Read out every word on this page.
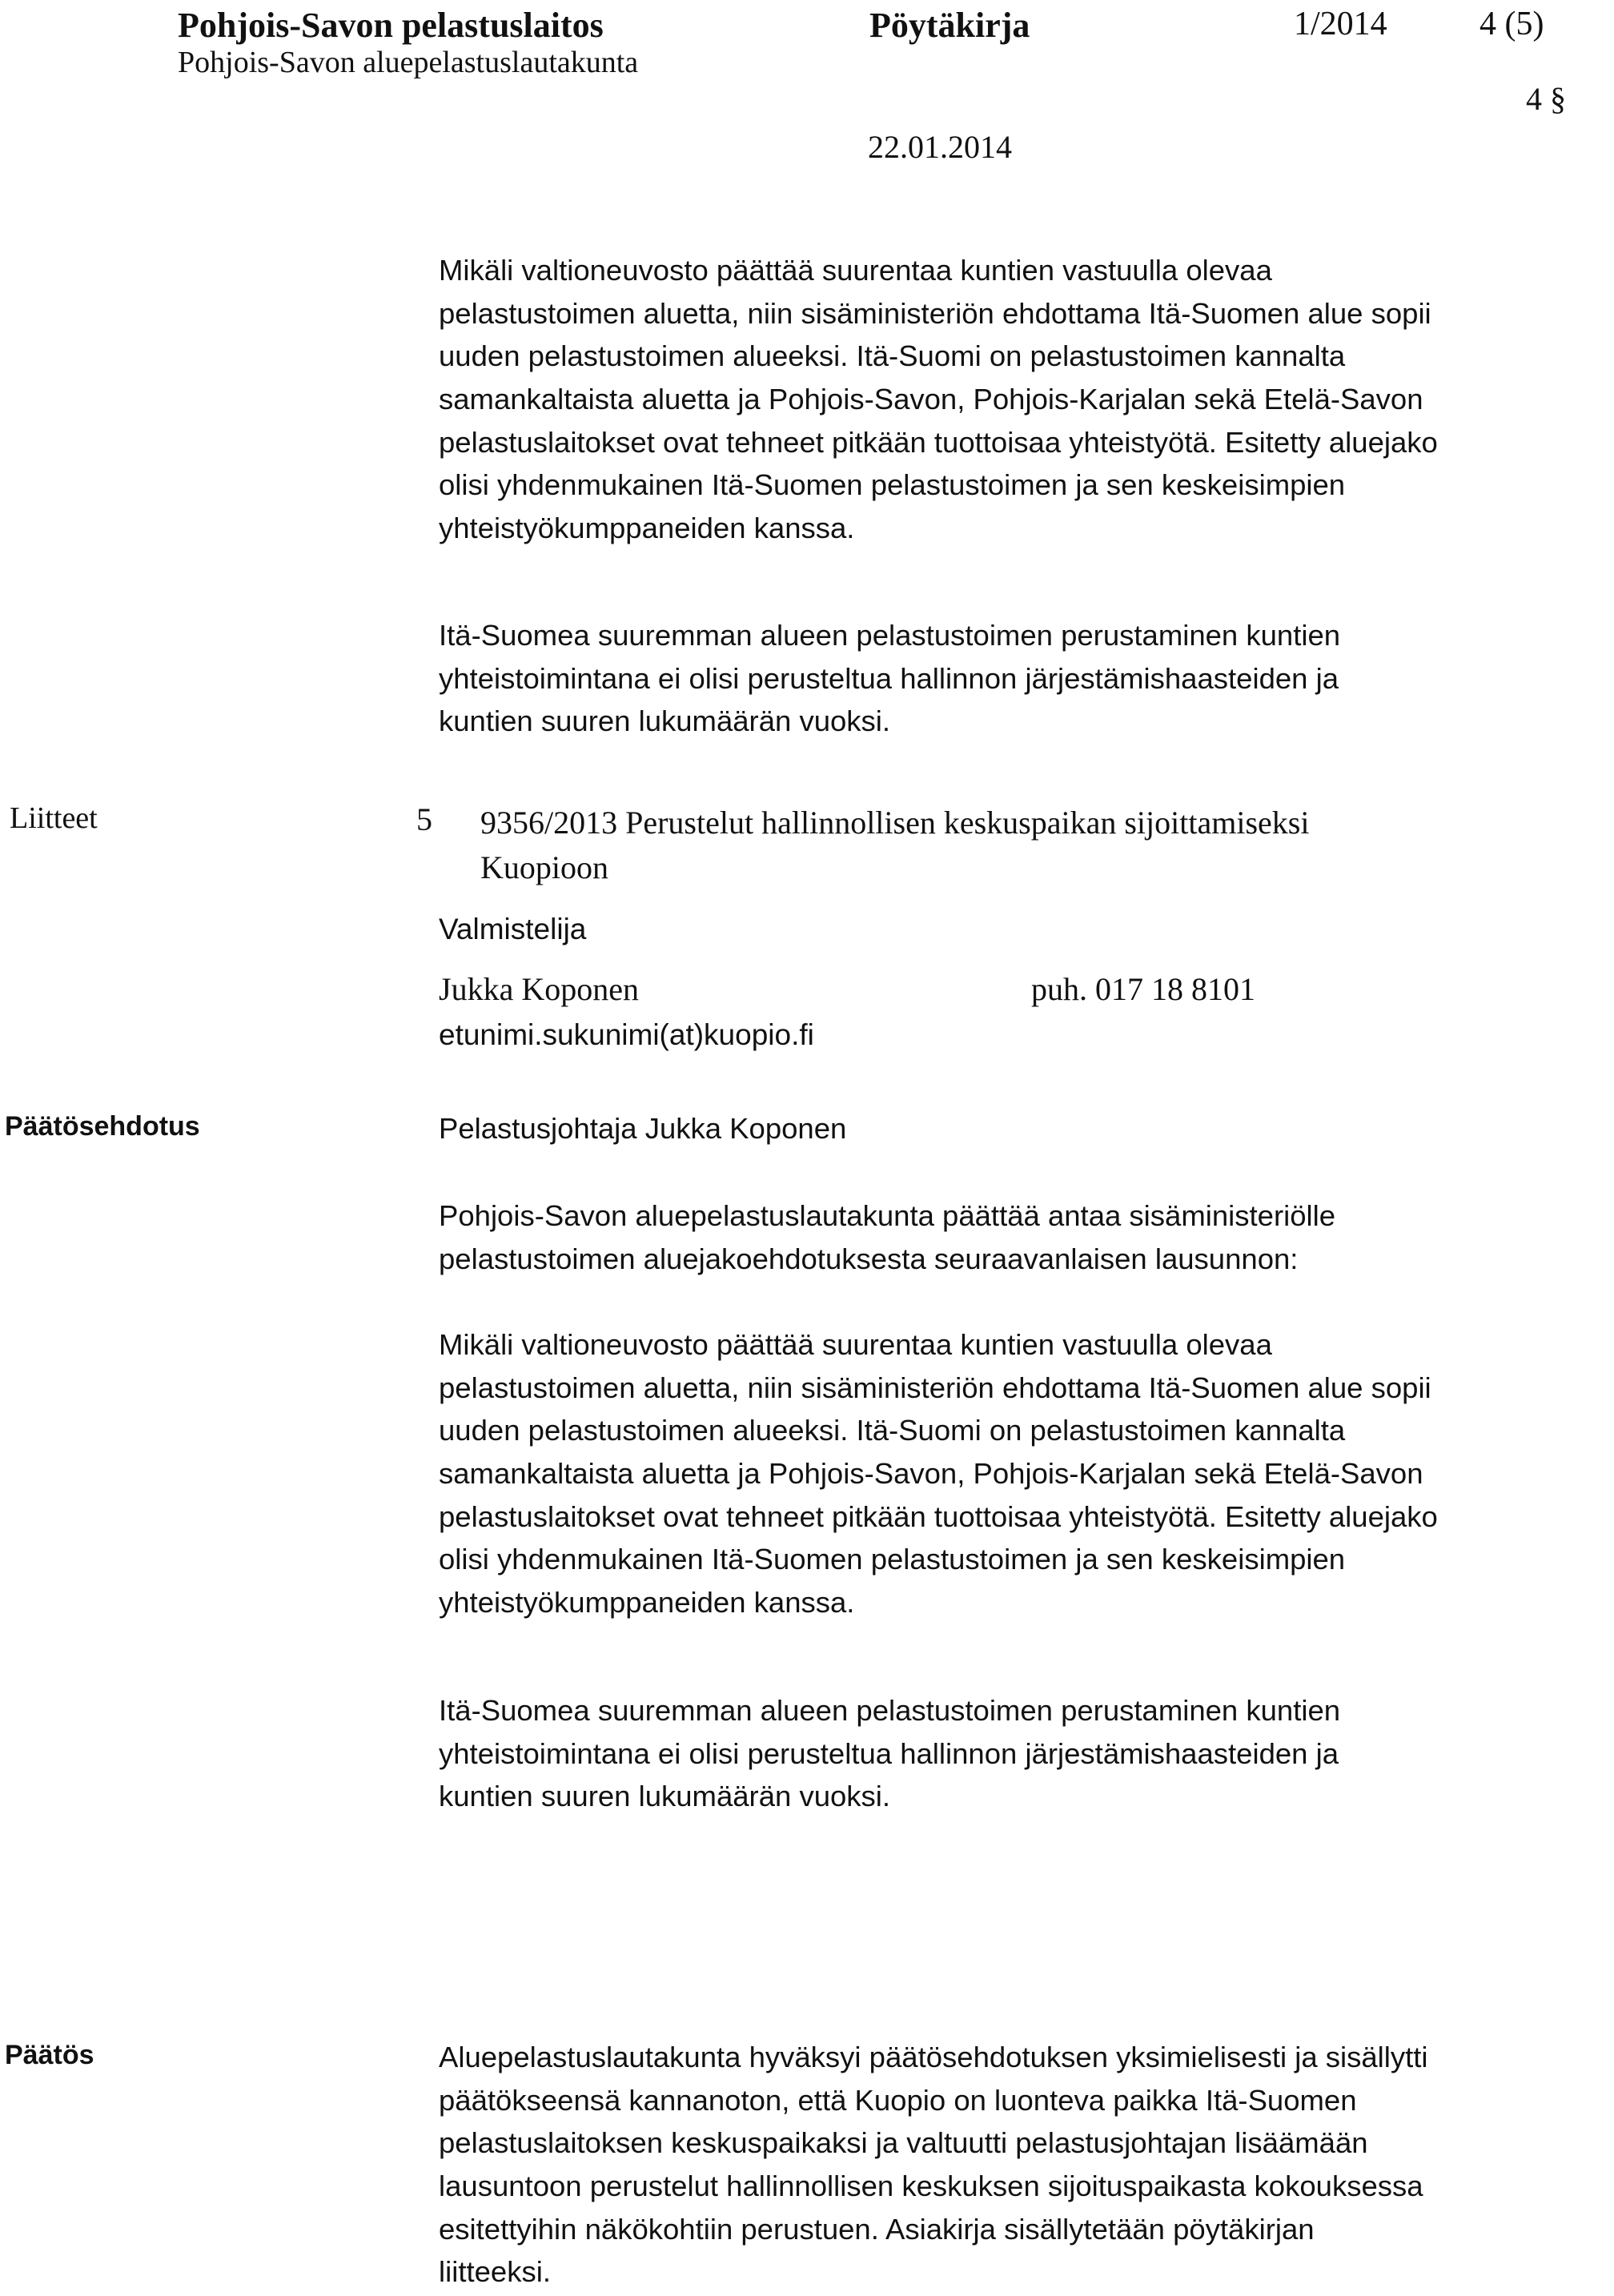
Pohjois-Savon pelastuslaitos
Pohjois-Savon aluepelastuslautakunta
Pöytäkirja	1/2014	4 (5)
4 §
22.01.2014
Mikäli valtioneuvosto päättää suurentaa kuntien vastuulla olevaa
pelastustoimen aluetta, niin sisäministeriön ehdottama Itä-Suomen alue sopii
uuden pelastustoimen alueeksi. Itä-Suomi on pelastustoimen kannalta
samankaltaista aluetta ja Pohjois-Savon, Pohjois-Karjalan sekä Etelä-Savon
pelastuslaitokset ovat tehneet pitkään tuottoisaa yhteistyötä. Esitetty aluejako
olisi yhdenmukainen Itä-Suomen pelastustoimen ja sen keskeisimpien
yhteistyökumppaneiden kanssa.
Itä-Suomea suuremman alueen pelastustoimen perustaminen kuntien
yhteistoimintana ei olisi perusteltua hallinnon järjestämishaasteiden ja
kuntien suuren lukumäärän vuoksi.
Liitteet	5 9356/2013 Perustelut hallinnollisen keskuspaikan sijoittamiseksi
Kuopioon
Valmistelija
Jukka Koponen	puh. 017 18 8101
etunimi.sukunimi(at)kuopio.fi
Päätösehdotus	Pelastusjohtaja Jukka Koponen
Pohjois-Savon aluepelastuslautakunta päättää antaa sisäministeriölle
pelastustoimen aluejakoehdotuksesta seuraavanlaisen lausunnon:
Mikäli valtioneuvosto päättää suurentaa kuntien vastuulla olevaa
pelastustoimen aluetta, niin sisäministeriön ehdottama Itä-Suomen alue sopii
uuden pelastustoimen alueeksi. Itä-Suomi on pelastustoimen kannalta
samankaltaista aluetta ja Pohjois-Savon, Pohjois-Karjalan sekä Etelä-Savon
pelastuslaitokset ovat tehneet pitkään tuottoisaa yhteistyötä. Esitetty aluejako
olisi yhdenmukainen Itä-Suomen pelastustoimen ja sen keskeisimpien
yhteistyökumppaneiden kanssa.
Itä-Suomea suuremman alueen pelastustoimen perustaminen kuntien
yhteistoimintana ei olisi perusteltua hallinnon järjestämishaasteiden ja
kuntien suuren lukumäärän vuoksi.
Päätös	Aluepelastuslautakunta hyväksyi päätösehdotuksen yksimielisesti ja sisällytti
päätökseensä kannanoton, että Kuopio on luonteva paikka Itä-Suomen
pelastuslaitoksen keskuspaikaksi ja valtuutti pelastusjohtajan lisäämään
lausuntoon perustelut hallinnollisen keskuksen sijoituspaikasta kokouksessa
esitettyihin näkökohtiin perustuen. Asiakirja sisällytetään pöytäkirjan
liitteeksi.
